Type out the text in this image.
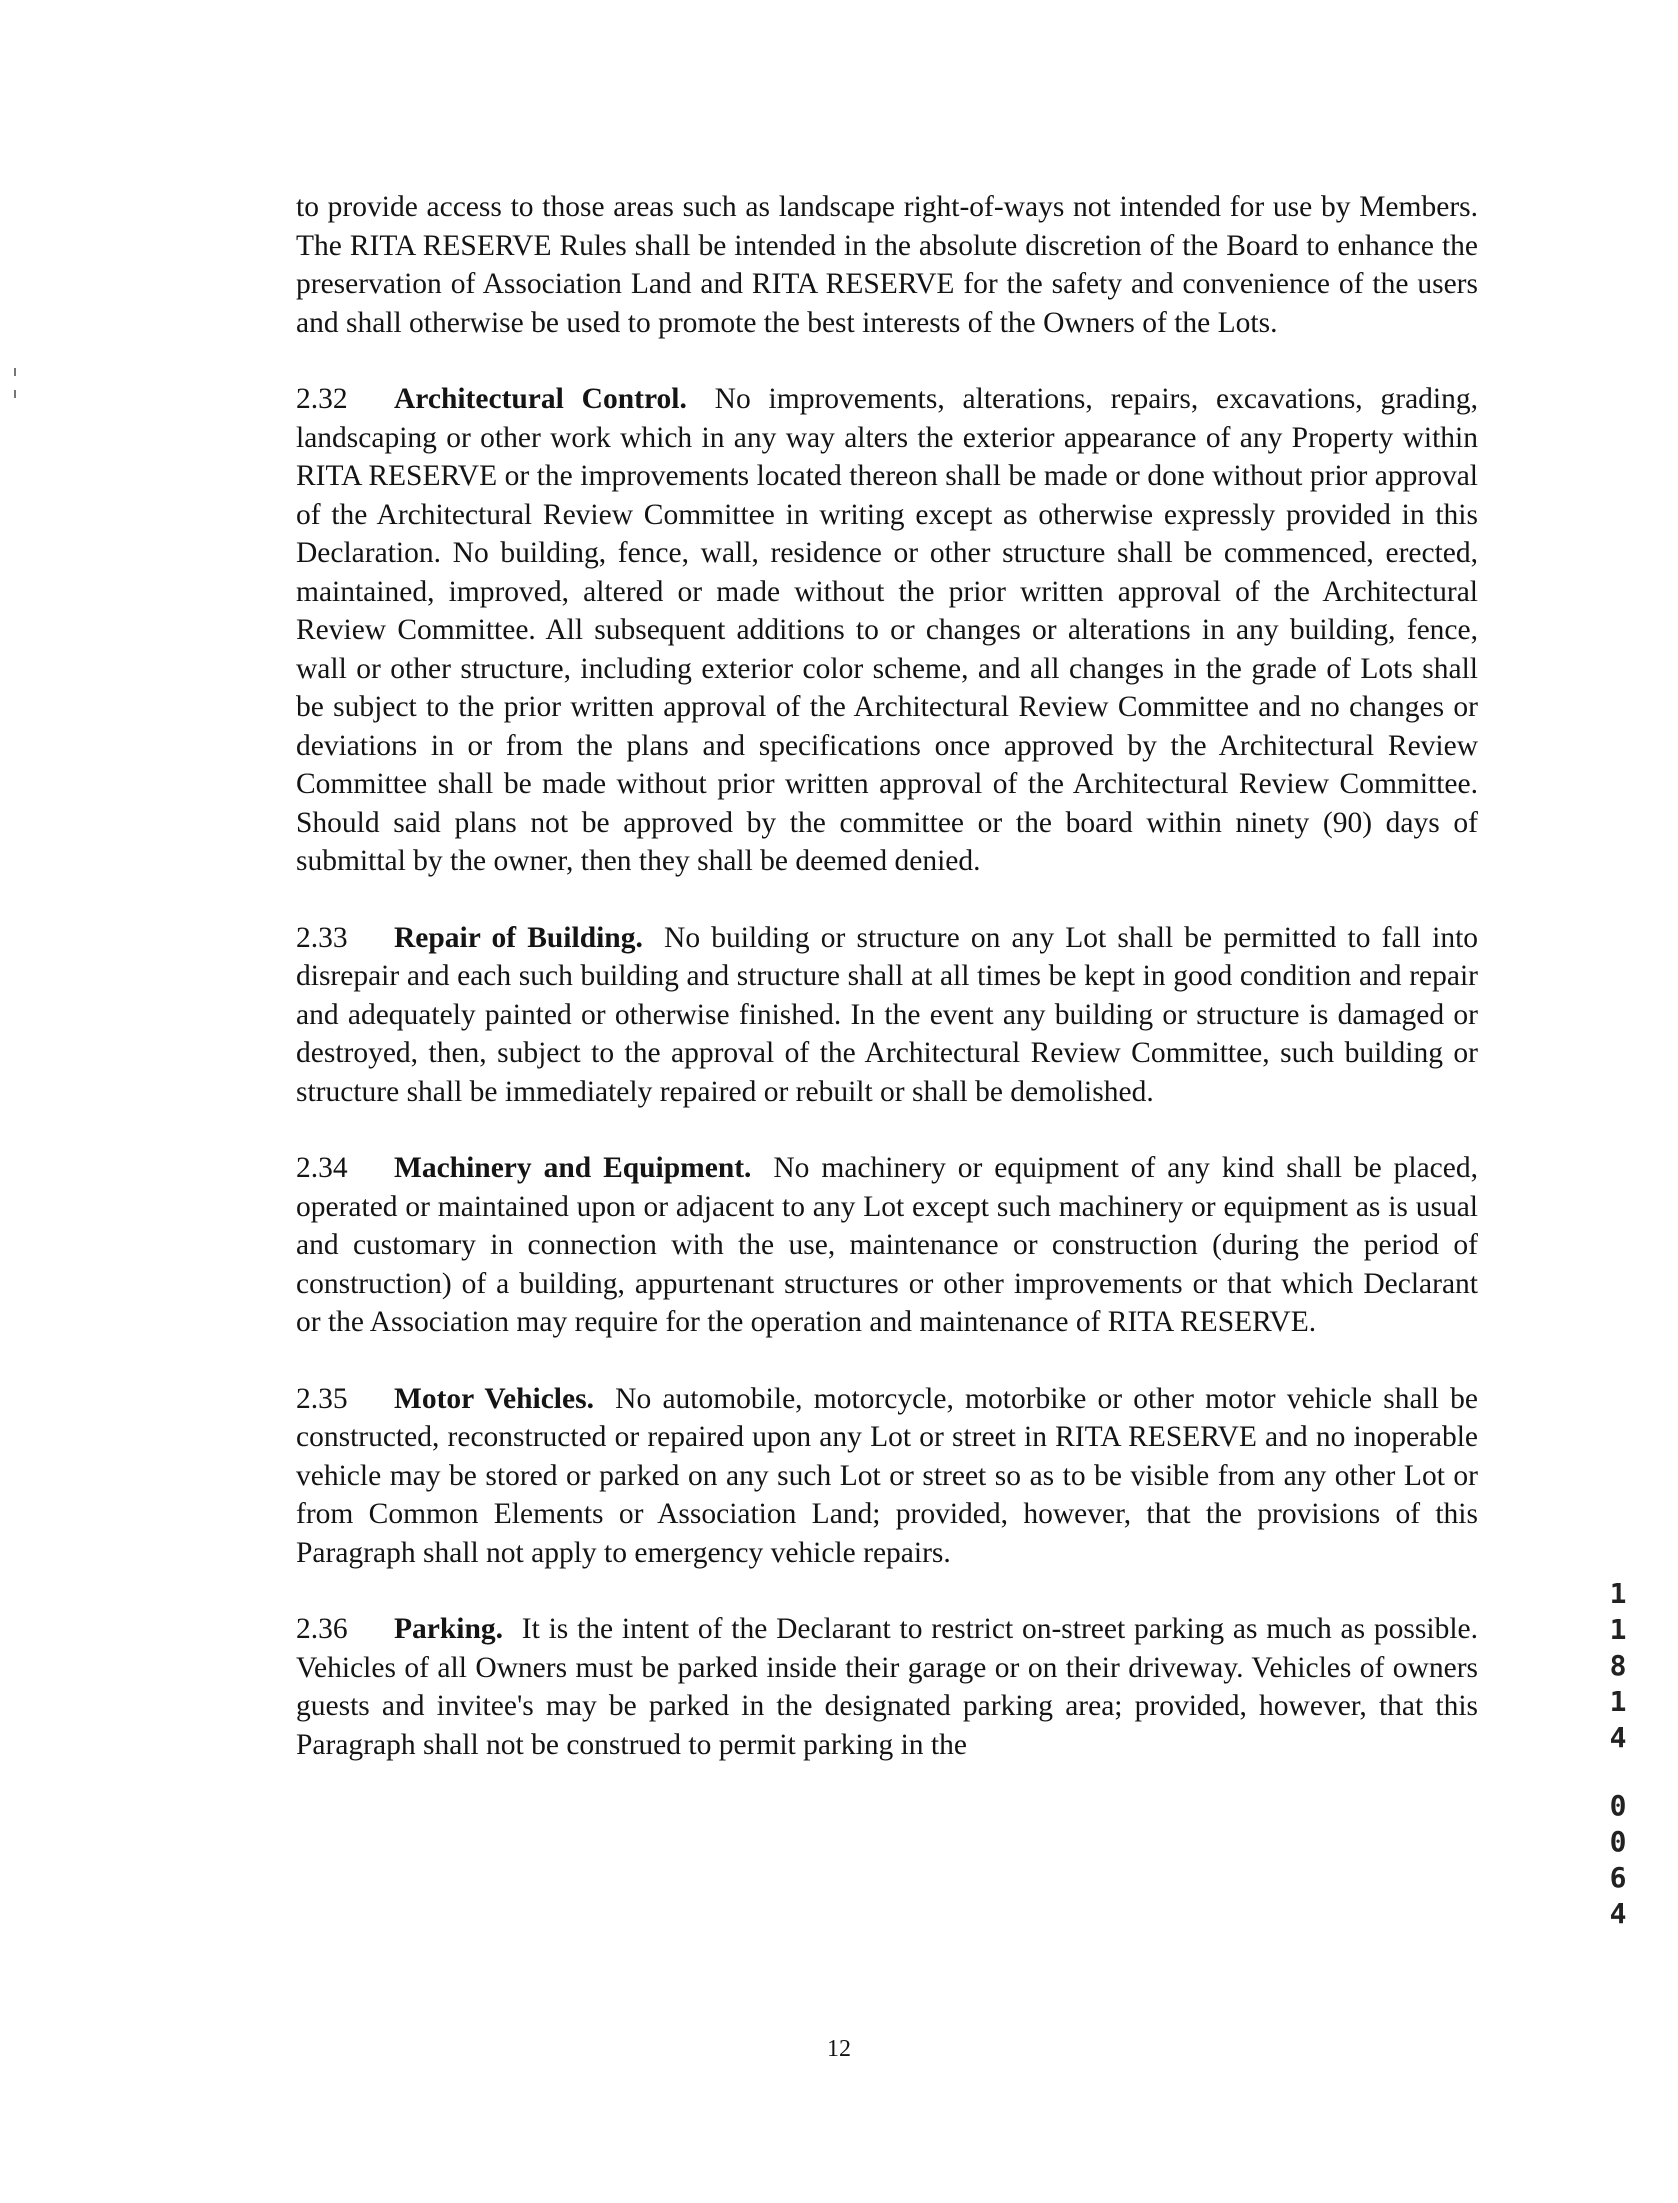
to provide access to those areas such as landscape right-of-ways not intended for use by Members. The RITA RESERVE Rules shall be intended in the absolute discretion of the Board to enhance the preservation of Association Land and RITA RESERVE for the safety and convenience of the users and shall otherwise be used to promote the best interests of the Owners of the Lots.

2.32 Architectural Control. No improvements, alterations, repairs, excavations, grading, landscaping or other work which in any way alters the exterior appearance of any Property within RITA RESERVE or the improvements located thereon shall be made or done without prior approval of the Architectural Review Committee in writing except as otherwise expressly provided in this Declaration. No building, fence, wall, residence or other structure shall be commenced, erected, maintained, improved, altered or made without the prior written approval of the Architectural Review Committee. All subsequent additions to or changes or alterations in any building, fence, wall or other structure, including exterior color scheme, and all changes in the grade of Lots shall be subject to the prior written approval of the Architectural Review Committee and no changes or deviations in or from the plans and specifications once approved by the Architectural Review Committee shall be made without prior written approval of the Architectural Review Committee. Should said plans not be approved by the committee or the board within ninety (90) days of submittal by the owner, then they shall be deemed denied.

2.33 Repair of Building. No building or structure on any Lot shall be permitted to fall into disrepair and each such building and structure shall at all times be kept in good condition and repair and adequately painted or otherwise finished. In the event any building or structure is damaged or destroyed, then, subject to the approval of the Architectural Review Committee, such building or structure shall be immediately repaired or rebuilt or shall be demolished.

2.34 Machinery and Equipment. No machinery or equipment of any kind shall be placed, operated or maintained upon or adjacent to any Lot except such machinery or equipment as is usual and customary in connection with the use, maintenance or construction (during the period of construction) of a building, appurtenant structures or other improvements or that which Declarant or the Association may require for the operation and maintenance of RITA RESERVE.

2.35 Motor Vehicles. No automobile, motorcycle, motorbike or other motor vehicle shall be constructed, reconstructed or repaired upon any Lot or street in RITA RESERVE and no inoperable vehicle may be stored or parked on any such Lot or street so as to be visible from any other Lot or from Common Elements or Association Land; provided, however, that the provisions of this Paragraph shall not apply to emergency vehicle repairs.

2.36 Parking. It is the intent of the Declarant to restrict on-street parking as much as possible. Vehicles of all Owners must be parked inside their garage or on their driveway. Vehicles of owners guests and invitee's may be parked in the designated parking area; provided, however, that this Paragraph shall not be construed to permit parking in the

1
1
8
1
4
0
0
6
4
12
